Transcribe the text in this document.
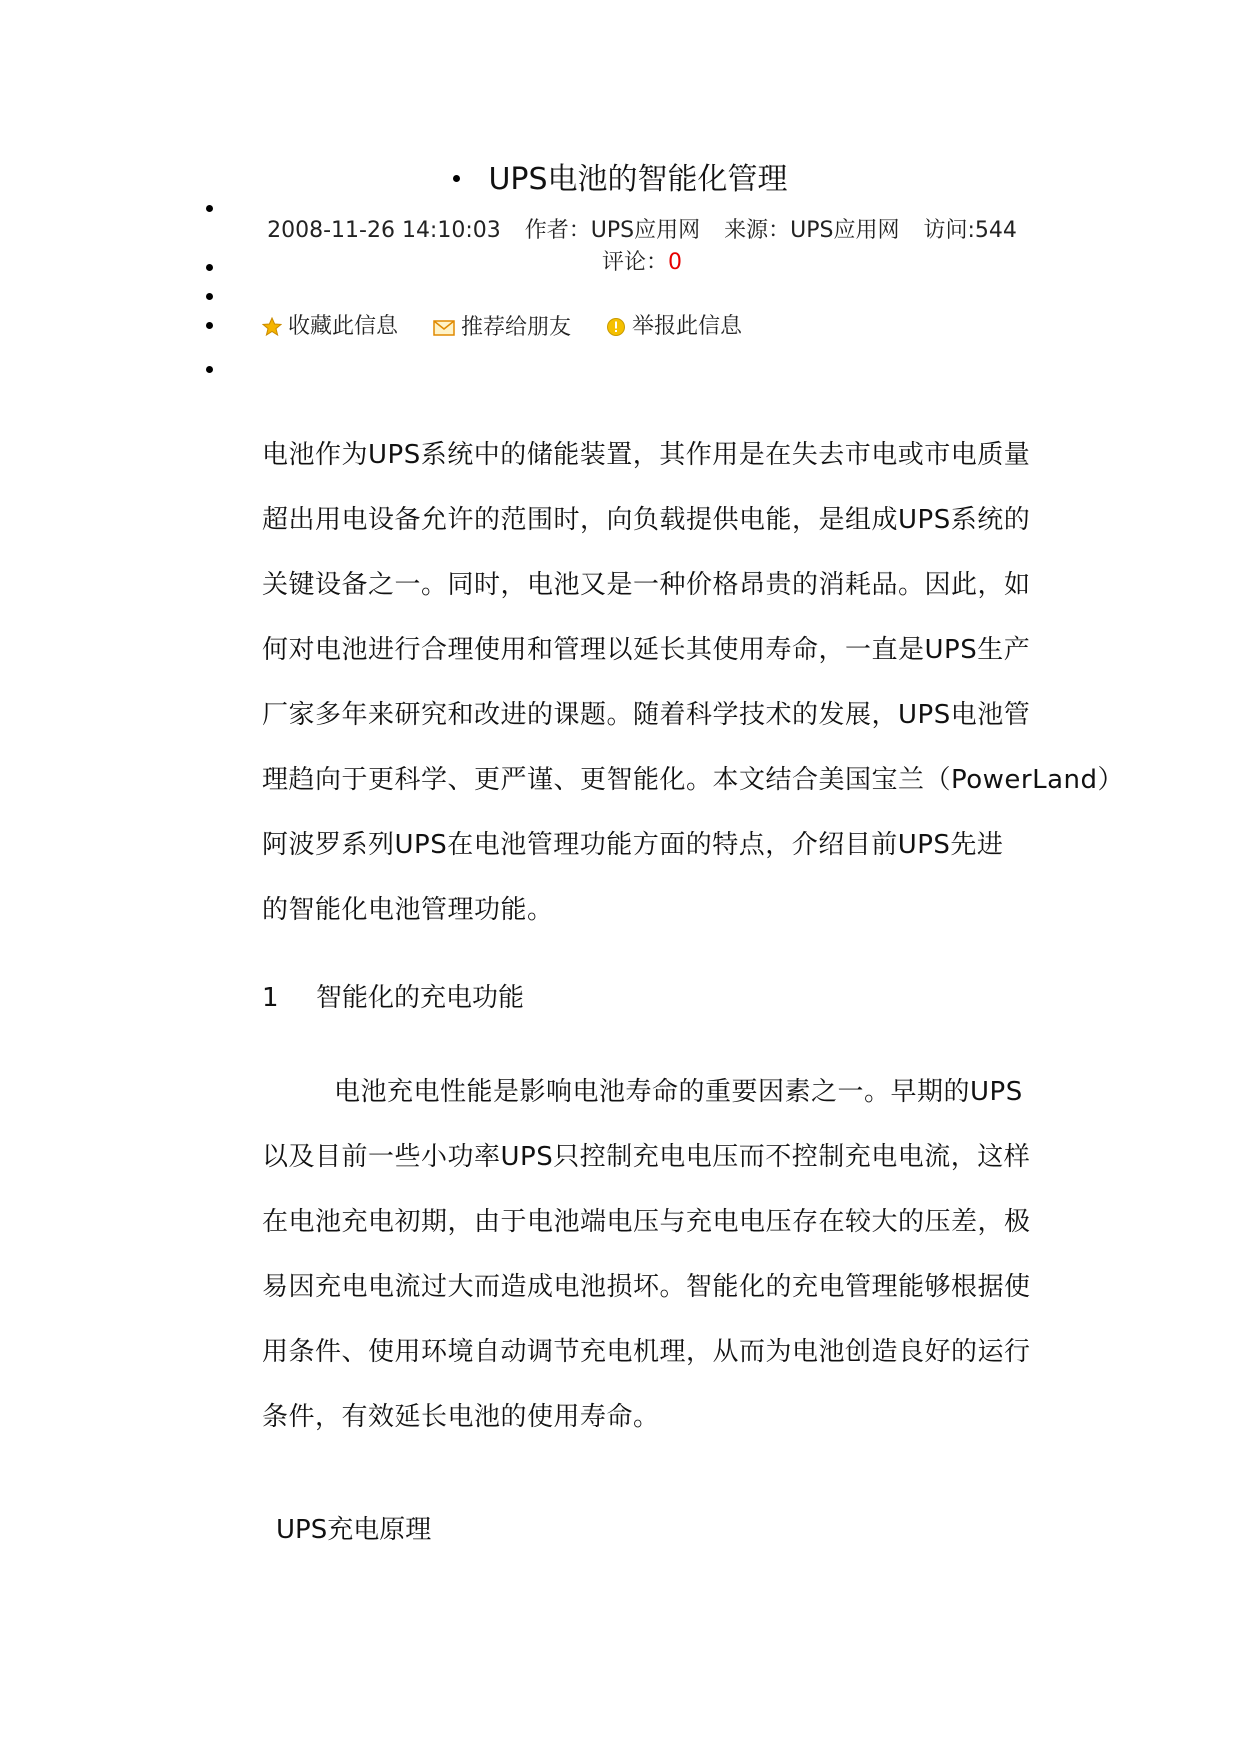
UPS电池的智能化管理
2008-11-26 14:10:03 作者：UPS应用网 来源：UPS应用网 访问:544
评论：0
收藏此信息
	推荐给朋友
	举报此信息
电池作为UPS系统中的储能装置，其作用是在失去市电或市电质量
超出用电设备允许的范围时，向负载提供电能，是组成UPS系统的
关键设备之一。同时，电池又是一种价格昂贵的消耗品。因此，如
何对电池进行合理使用和管理以延长其使用寿命，一直是UPS生产
厂家多年来研究和改进的课题。随着科学技术的发展，UPS电池管
理趋向于更科学、更严谨、更智能化。本文结合美国宝兰（PowerLand）
阿波罗系列UPS在电池管理功能方面的特点，介绍目前UPS先进
的智能化电池管理功能。
1 智能化的充电功能
电池充电性能是影响电池寿命的重要因素之一。早期的UPS
以及目前一些小功率UPS只控制充电电压而不控制充电电流，这样
在电池充电初期，由于电池端电压与充电电压存在较大的压差，极
易因充电电流过大而造成电池损坏。智能化的充电管理能够根据使
用条件、使用环境自动调节充电机理，从而为电池创造良好的运行
条件，有效延长电池的使用寿命。
UPS充电原理
